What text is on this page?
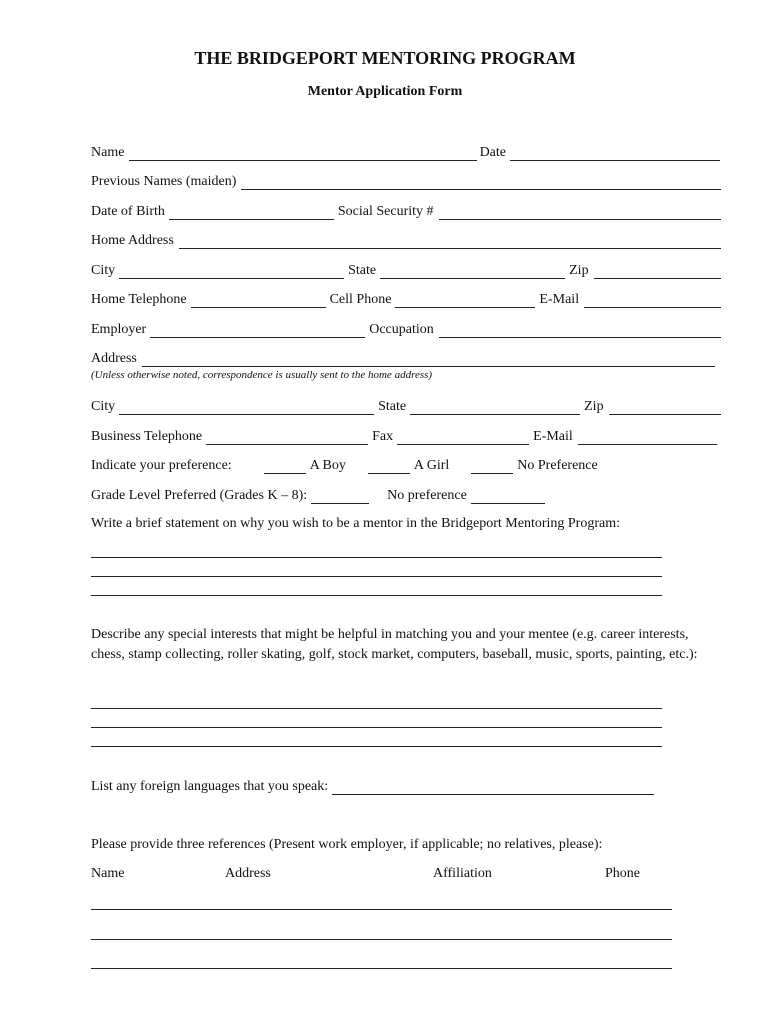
THE BRIDGEPORT MENTORING PROGRAM
Mentor Application Form
Name	Date
Previous Names (maiden)
Date of Birth	Social Security #
Home Address
City	State	Zip
Home Telephone	Cell Phone	E-Mail
Employer	Occupation
Address
(Unless otherwise noted, correspondence is usually sent to the home address)
City	State	Zip
Business Telephone	Fax	E-Mail
Indicate your preference:	A Boy	A Girl	No Preference
Grade Level Preferred (Grades K – 8):	No preference
Write a brief statement on why you wish to be a mentor in the Bridgeport Mentoring Program:
Describe any special interests that might be helpful in matching you and your mentee (e.g. career interests, chess, stamp collecting, roller skating, golf, stock market, computers, baseball, music, sports, painting, etc.):
List any foreign languages that you speak:
Please provide three references (Present work employer, if applicable; no relatives, please):
Name	Address	Affiliation	Phone
